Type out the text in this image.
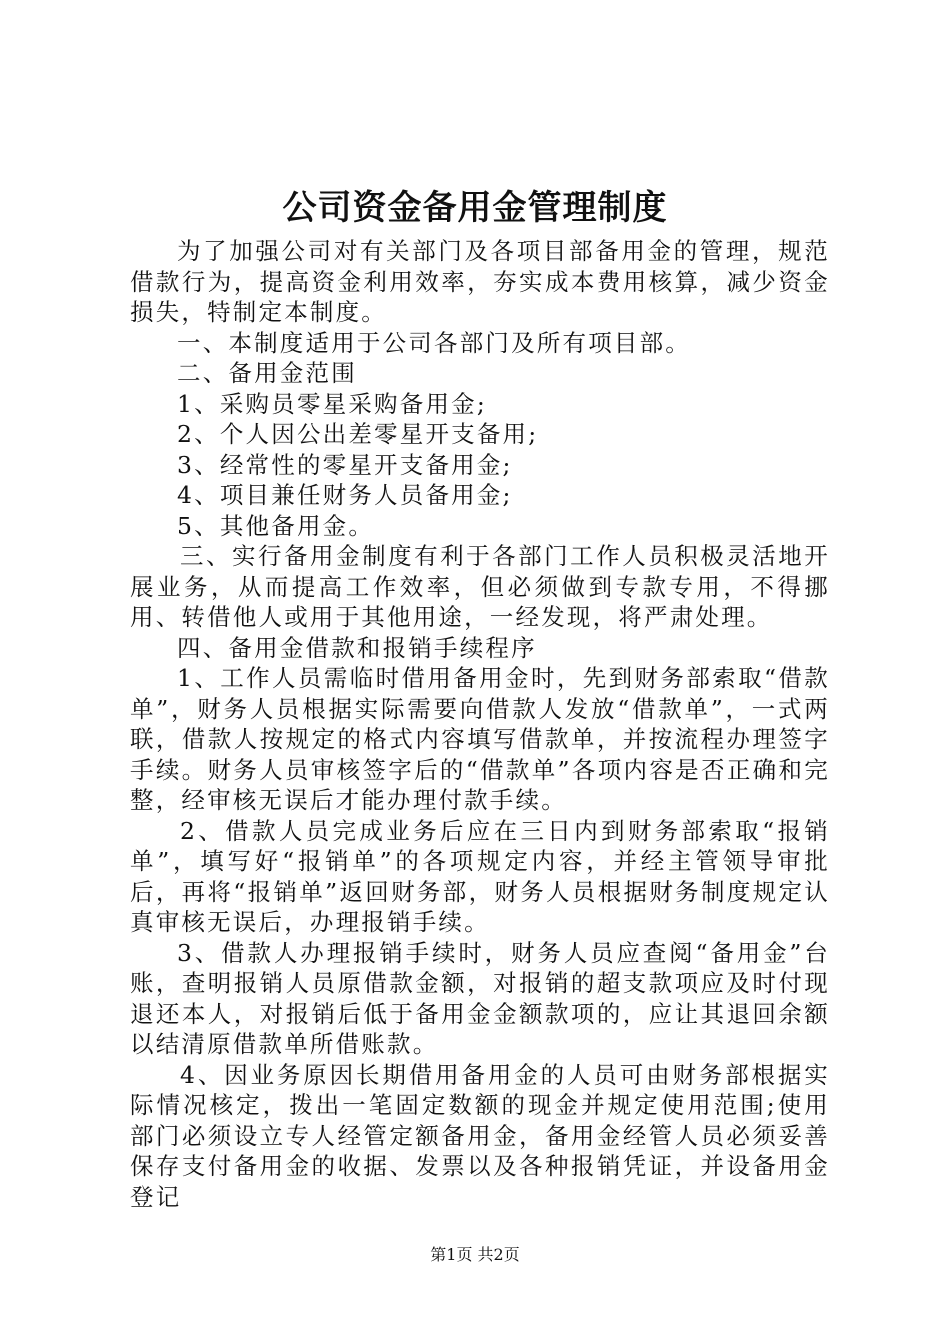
公司资金备用金管理制度

为了加强公司对有关部门及各项目部备用金的管理，规范借款行为，提高资金利用效率，夯实成本费用核算，减少资金损失，特制定本制度。

一、本制度适用于公司各部门及所有项目部。

二、备用金范围

1、采购员零星采购备用金;

2、个人因公出差零星开支备用;

3、经常性的零星开支备用金;

4、项目兼任财务人员备用金;

5、其他备用金。

三、实行备用金制度有利于各部门工作人员积极灵活地开展业务，从而提高工作效率，但必须做到专款专用，不得挪用、转借他人或用于其他用途，一经发现，将严肃处理。

四、备用金借款和报销手续程序

1、工作人员需临时借用备用金时，先到财务部索取“借款单”，财务人员根据实际需要向借款人发放“借款单”，一式两联，借款人按规定的格式内容填写借款单，并按流程办理签字手续。财务人员审核签字后的“借款单”各项内容是否正确和完整，经审核无误后才能办理付款手续。

2、借款人员完成业务后应在三日内到财务部索取“报销单”，填写好“报销单”的各项规定内容，并经主管领导审批后，再将“报销单”返回财务部，财务人员根据财务制度规定认真审核无误后，办理报销手续。

3、借款人办理报销手续时，财务人员应查阅“备用金”台账，查明报销人员原借款金额，对报销的超支款项应及时付现退还本人，对报销后低于备用金金额款项的，应让其退回余额以结清原借款单所借账款。

4、因业务原因长期借用备用金的人员可由财务部根据实际情况核定，拨出一笔固定数额的现金并规定使用范围;使用部门必须设立专人经管定额备用金，备用金经管人员必须妥善保存支付备用金的收据、发票以及各种报销凭证，并设备用金登记

第1页 共2页
